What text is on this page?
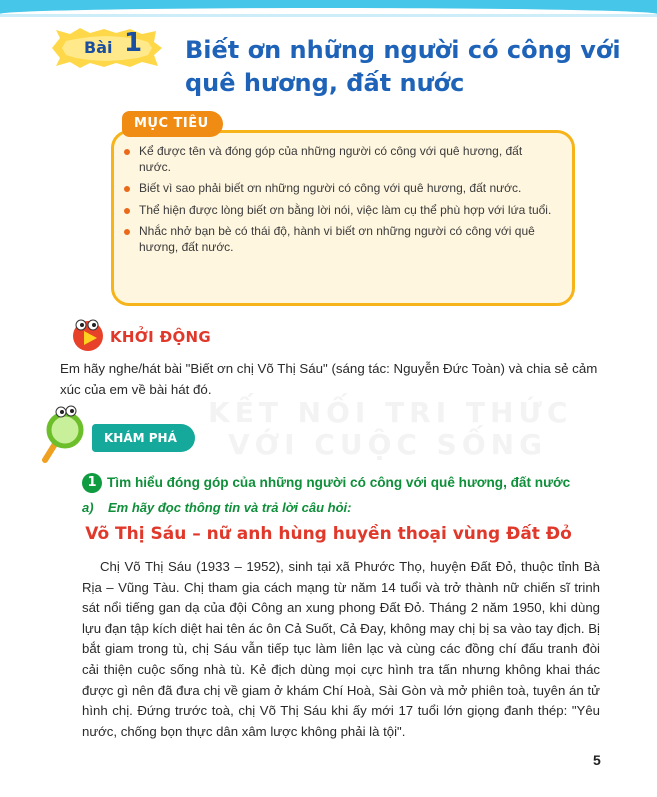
Bài 1 Biết ơn những người có công với quê hương, đất nước
MỤC TIÊU
Kể được tên và đóng góp của những người có công với quê hương, đất nước.
Biết vì sao phải biết ơn những người có công với quê hương, đất nước.
Thể hiện được lòng biết ơn bằng lời nói, việc làm cụ thể phù hợp với lứa tuổi.
Nhắc nhở bạn bè có thái độ, hành vi biết ơn những người có công với quê hương, đất nước.
KHỞI ĐỘNG
Em hãy nghe/hát bài "Biết ơn chị Võ Thị Sáu" (sáng tác: Nguyễn Đức Toàn) và chia sẻ cảm xúc của em về bài hát đó.
KẾT NỐI TRI THỨC
VỚI CUỘC SỐNG
KHÁM PHÁ
1 Tìm hiểu đóng góp của những người có công với quê hương, đất nước
a) Em hãy đọc thông tin và trả lời câu hỏi:
Võ Thị Sáu – nữ anh hùng huyền thoại vùng Đất Đỏ

Chị Võ Thị Sáu (1933 – 1952), sinh tại xã Phước Thọ, huyện Đất Đỏ, thuộc tỉnh Bà Rịa – Vũng Tàu. Chị tham gia cách mạng từ năm 14 tuổi và trở thành nữ chiến sĩ trinh sát nổi tiếng gan dạ của đội Công an xung phong Đất Đỏ. Tháng 2 năm 1950, khi dùng lựu đạn tập kích diệt hai tên ác ôn Cả Suốt, Cả Đay, không may chị bị sa vào tay địch. Bị bắt giam trong tù, chị Sáu vẫn tiếp tục làm liên lạc và cùng các đồng chí đấu tranh đòi cải thiện cuộc sống nhà tù. Kẻ địch dùng mọi cực hình tra tấn nhưng không khai thác được gì nên đã đưa chị về giam ở khám Chí Hoà, Sài Gòn và mở phiên toà, tuyên án tử hình chị. Đứng trước toà, chị Võ Thị Sáu khi ấy mới 17 tuổi lớn giọng đanh thép: "Yêu nước, chống bọn thực dân xâm lược không phải là tội".

5
